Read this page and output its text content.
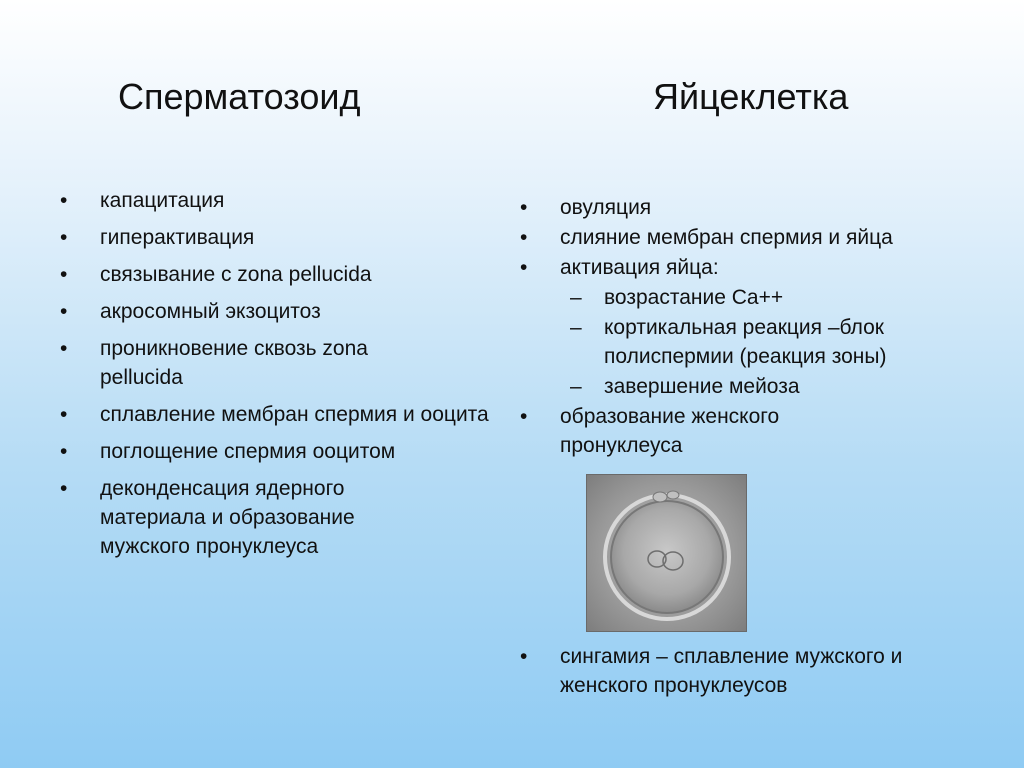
Сперматозоид	Яйцеклетка
• капацитация
• гиперактивация
• связывание с zona pellucida
• акросомный экзоцитоз
• проникновение сквозь zona pellucida
• сплавление мембран спермия и ооцита
• поглощение спермия ооцитом
• деконденсация ядерного материала и образование мужского пронуклеуса
• овуляция
• слияние мембран спермия и яйца
• активация яйца:
– возрастание Ca++
– кортикальная реакция –блок полиспермии (реакция зоны)
– завершение мейоза
• образование женского пронуклеуса
• сингамия – сплавление мужского и женского пронуклеусов
